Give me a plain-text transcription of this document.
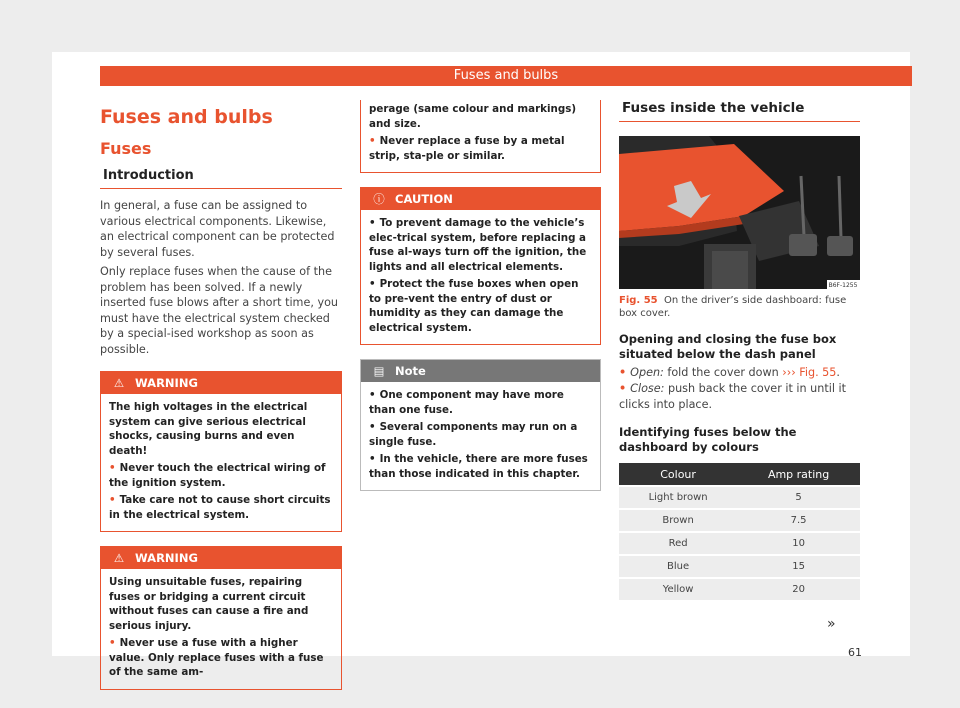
Fuses and bulbs
Fuses and bulbs
Fuses
Introduction

In general, a fuse can be assigned to various electrical components. Likewise, an electrical component can be protected by several fuses.

Only replace fuses when the cause of the problem has been solved. If a newly inserted fuse blows after a short time, you must have the electrical system checked by a special-ised workshop as soon as possible.

⚠ WARNING

The high voltages in the electrical system can give serious electrical shocks, causing burns and even death!

• Never touch the electrical wiring of the ignition system.

• Take care not to cause short circuits in the electrical system.

⚠ WARNING

Using unsuitable fuses, repairing fuses or bridging a current circuit without fuses can cause a fire and serious injury.

• Never use a fuse with a higher value. Only replace fuses with a fuse of the same am-

perage (same colour and markings) and size.

• Never replace a fuse by a metal strip, sta-ple or similar.

ⓘ CAUTION

• To prevent damage to the vehicle’s elec-trical system, before replacing a fuse al-ways turn off the ignition, the lights and all electrical elements.

• Protect the fuse boxes when open to pre-vent the entry of dust or humidity as they can damage the electrical system.

▤ Note

• One component may have more than one fuse.

• Several components may run on a single fuse.

• In the vehicle, there are more fuses than those indicated in this chapter.

Fuses inside the vehicle
B6F-1255

Fig. 55 On the driver’s side dashboard: fuse box cover.

Opening and closing the fuse box situated below the dash panel
• Open: fold the cover down ››› Fig. 55.
• Close: push back the cover it in until it clicks into place.
Identifying fuses below the dashboard by colours
Colour	Amp rating
Light brown	5
Brown	7.5
Red	10
Blue	15
Yellow	20
»
61
